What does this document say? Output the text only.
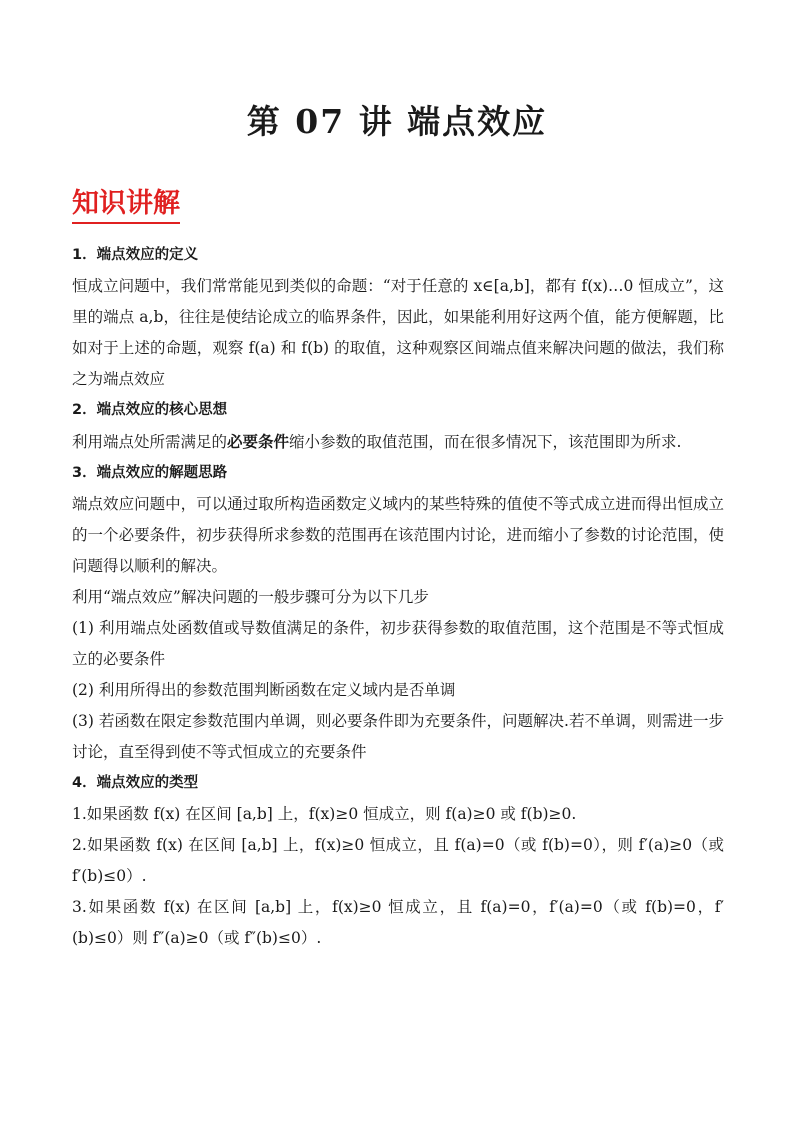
第 07 讲 端点效应
知识讲解
1．端点效应的定义
恒成立问题中，我们常常能见到类似的命题：“对于任意的 x∈[a,b]，都有 f(x)…0 恒成立”，这里的端点 a,b，往往是使结论成立的临界条件，因此，如果能利用好这两个值，能方便解题，比如对于上述的命题，观察 f(a) 和 f(b) 的取值，这种观察区间端点值来解决问题的做法，我们称之为端点效应
2．端点效应的核心思想
利用端点处所需满足的必要条件缩小参数的取值范围，而在很多情况下，该范围即为所求.
3．端点效应的解题思路
端点效应问题中，可以通过取所构造函数定义域内的某些特殊的值使不等式成立进而得出恒成立的一个必要条件，初步获得所求参数的范围再在该范围内讨论，进而缩小了参数的讨论范围，使问题得以顺利的解决。
利用“端点效应”解决问题的一般步骤可分为以下几步
(1) 利用端点处函数值或导数值满足的条件，初步获得参数的取值范围，这个范围是不等式恒成立的必要条件
(2) 利用所得出的参数范围判断函数在定义域内是否单调
(3) 若函数在限定参数范围内单调，则必要条件即为充要条件，问题解决.若不单调，则需进一步讨论，直至得到使不等式恒成立的充要条件
4．端点效应的类型
1.如果函数 f(x) 在区间 [a,b] 上，f(x)≥0 恒成立，则 f(a)≥0 或 f(b)≥0.
2.如果函数 f(x) 在区间 [a,b] 上，f(x)≥0 恒成立，且 f(a)=0（或 f(b)=0），则 f′(a)≥0（或 f′(b)≤0）.
3.如果函数 f(x) 在区间 [a,b] 上，f(x)≥0 恒成立，且 f(a)=0，f′(a)=0（或 f(b)=0，f′(b)≤0）则 f″(a)≥0（或 f″(b)≤0）.
